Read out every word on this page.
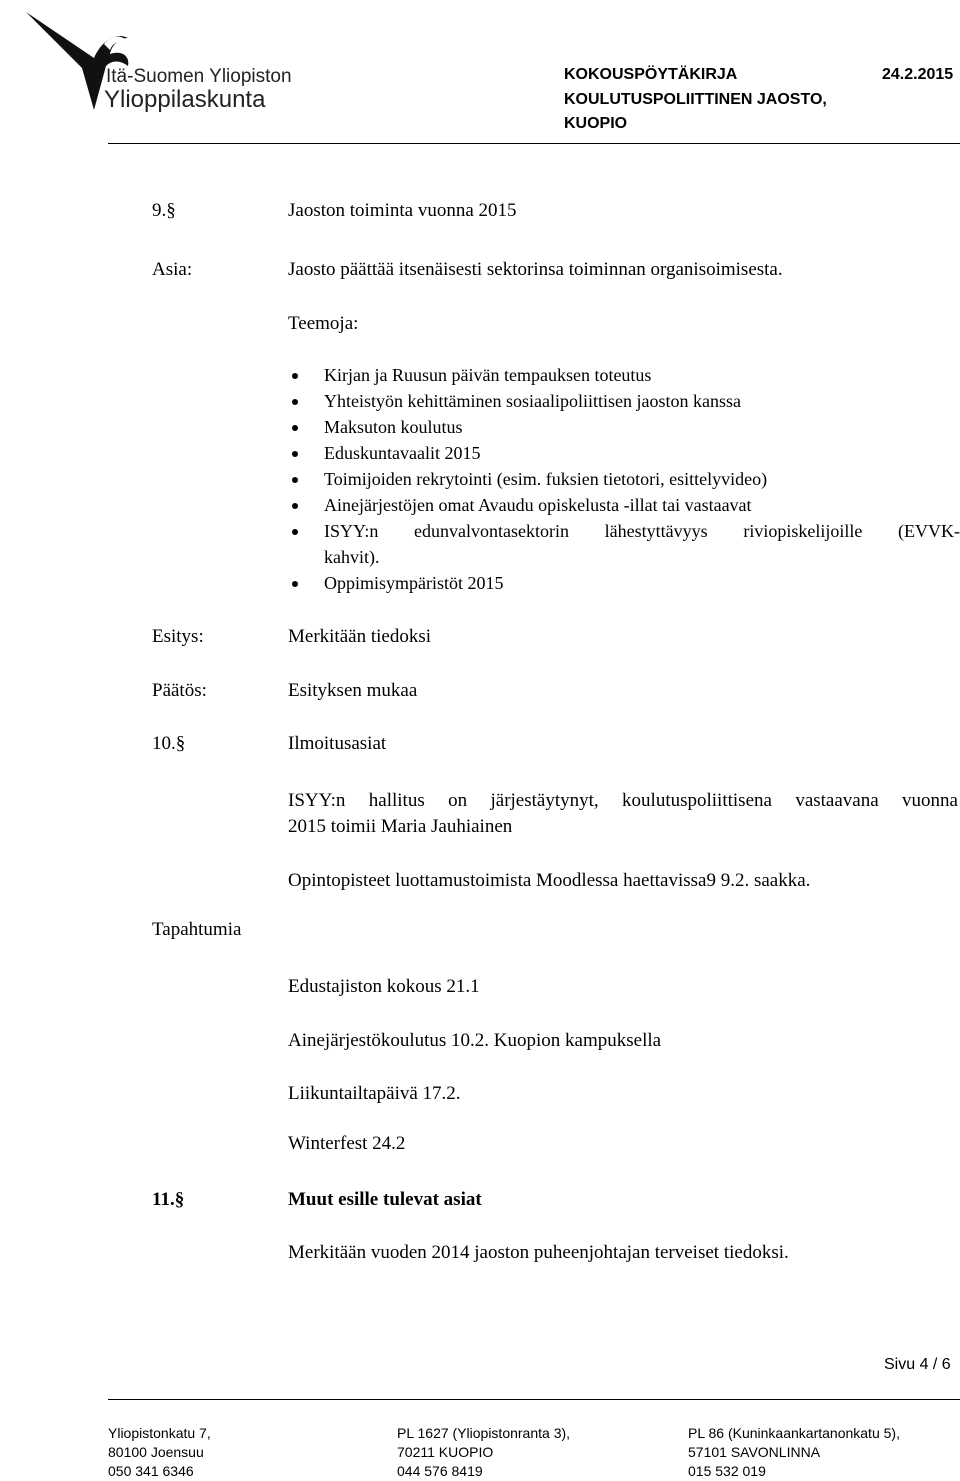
Itä-Suomen Yliopiston
Ylioppilaskunta
KOKOUSPÖYTÄKIRJA	24.2.2015
KOULUTUSPOLIITTINEN JAOSTO,
KUOPIO
9.§	Jaoston toiminta vuonna 2015
Asia:	Jaosto päättää itsenäisesti sektorinsa toiminnan organisoimisesta.
Teemoja:
Kirjan ja Ruusun päivän tempauksen toteutus
Yhteistyön kehittäminen sosiaalipoliittisen jaoston kanssa
Maksuton koulutus
Eduskuntavaalit 2015
Toimijoiden rekrytointi (esim. fuksien tietotori, esittelyvideo)
Ainejärjestöjen omat Avaudu opiskelusta -illat tai vastaavat
ISYY:n edunvalvontasektorin lähestyttävyys riviopiskelijoille (EVVK-
kahvit).
Oppimisympäristöt 2015
Esitys:	Merkitään tiedoksi
Päätös:	Esityksen mukaa
10.§	Ilmoitusasiat
ISYY:n hallitus on järjestäytynyt, koulutuspoliittisena vastaavana vuonna
2015 toimii Maria Jauhiainen
Opintopisteet luottamustoimista Moodlessa haettavissa9 9.2. saakka.
Tapahtumia
Edustajiston kokous 21.1
Ainejärjestökoulutus 10.2. Kuopion kampuksella
Liikuntailtapäivä 17.2.
Winterfest 24.2
11.§	Muut esille tulevat asiat
Merkitään vuoden 2014 jaoston puheenjohtajan terveiset tiedoksi.
Sivu 4 / 6
Yliopistonkatu 7,
80100 Joensuu
050 341 6346
PL 1627 (Yliopistonranta 3),
70211 KUOPIO
044 576 8419
PL 86 (Kuninkaankartanonkatu 5),
57101 SAVONLINNA
015 532 019
